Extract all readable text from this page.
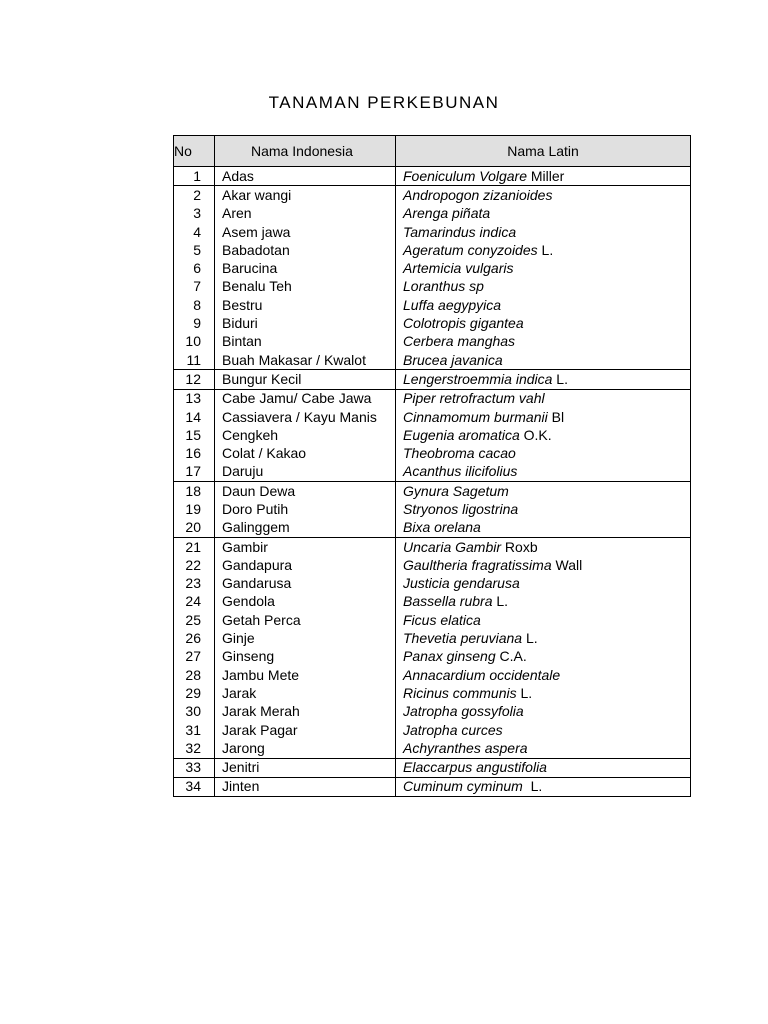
TANAMAN PERKEBUNAN
No	Nama Indonesia	Nama Latin
1	Adas	Foeniculum Volgare Miller
2	Akar wangi	Andropogon zizanioides
3	Aren	Arenga piñata
4	Asem jawa	Tamarindus indica
5	Babadotan	Ageratum conyzoides L.
6	Barucina	Artemicia vulgaris
7	Benalu Teh	Loranthus sp
8	Bestru	Luffa aegypyica
9	Biduri	Colotropis gigantea
10	Bintan	Cerbera manghas
11	Buah Makasar / Kwalot	Brucea javanica
12	Bungur Kecil	Lengerstroemmia indica L.
13	Cabe Jamu/ Cabe Jawa	Piper retrofractum vahl
14	Cassiavera / Kayu Manis	Cinnamomum burmanii Bl
15	Cengkeh	Eugenia aromatica O.K.
16	Colat / Kakao	Theobroma cacao
17	Daruju	Acanthus ilicifolius
18	Daun Dewa	Gynura Sagetum
19	Doro Putih	Stryonos ligostrina
20	Galinggem	Bixa orelana
21	Gambir	Uncaria Gambir Roxb
22	Gandapura	Gaultheria fragratissima Wall
23	Gandarusa	Justicia gendarusa
24	Gendola	Bassella rubra L.
25	Getah Perca	Ficus elatica
26	Ginje	Thevetia peruviana L.
27	Ginseng	Panax ginseng C.A.
28	Jambu Mete	Annacardium occidentale
29	Jarak	Ricinus communis L.
30	Jarak Merah	Jatropha gossyfolia
31	Jarak Pagar	Jatropha curces
32	Jarong	Achyranthes aspera
33	Jenitri	Elaccarpus angustifolia
34	Jinten	Cuminum cyminum  L.
